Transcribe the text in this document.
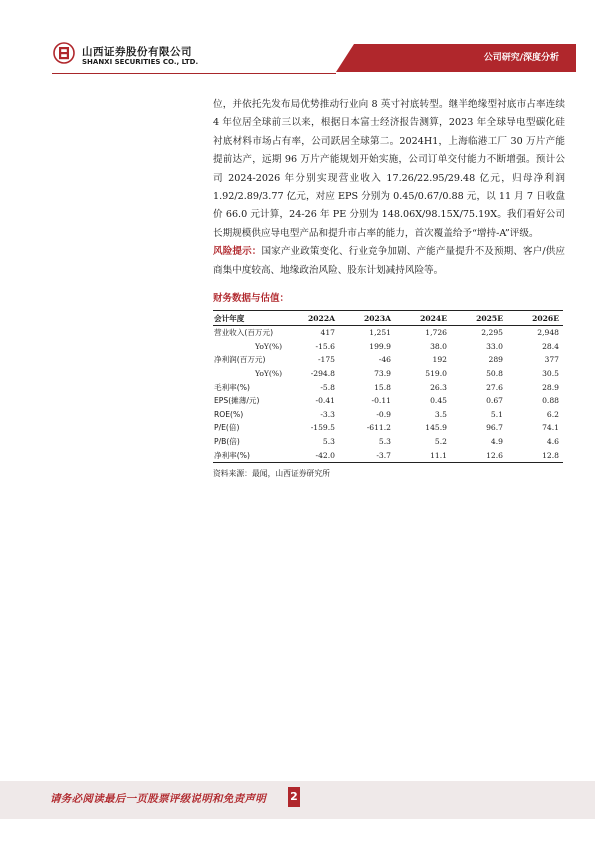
山西证券股份有限公司
SHANXI SECURITIES CO., LTD.	公司研究/深度分析

位，并依托先发布局优势推动行业向 8 英寸衬底转型。继半绝缘型衬底市占率连续 4 年位居全球前三以来，根据日本富士经济报告测算，2023 年全球导电型碳化硅衬底材料市场占有率，公司跃居全球第二。2024H1，上海临港工厂 30 万片产能提前达产，远期 96 万片产能规划开始实施，公司订单交付能力不断增强。预计公司 2024-2026 年分别实现营业收入 17.26/22.95/29.48 亿元，归母净利润 1.92/2.89/3.77 亿元，对应 EPS 分别为 0.45/0.67/0.88 元，以 11 月 7 日收盘价 66.0 元计算，24-26 年 PE 分别为 148.06X/98.15X/75.19X。我们看好公司长期规模供应导电型产品和提升市占率的能力，首次覆盖给予“增持-A”评级。

风险提示：国家产业政策变化、行业竞争加剧、产能产量提升不及预期、客户/供应商集中度较高、地缘政治风险、股东计划减持风险等。

财务数据与估值：
会计年度	2022A	2023A	2024E	2025E	2026E
营业收入(百万元)	417	1,251	1,726	2,295	2,948
YoY(%)	-15.6	199.9	38.0	33.0	28.4
净利润(百万元)	-175	-46	192	289	377
YoY(%)	-294.8	73.9	519.0	50.8	30.5
毛利率(%)	-5.8	15.8	26.3	27.6	28.9
EPS(摊薄/元)	-0.41	-0.11	0.45	0.67	0.88
ROE(%)	-3.3	-0.9	3.5	5.1	6.2
P/E(倍)	-159.5	-611.2	145.9	96.7	74.1
P/B(倍)	5.3	5.3	5.2	4.9	4.6
净利率(%)	-42.0	-3.7	11.1	12.6	12.8
资料来源：最闻，山西证券研究所
请务必阅读最后一页股票评级说明和免责声明 2
